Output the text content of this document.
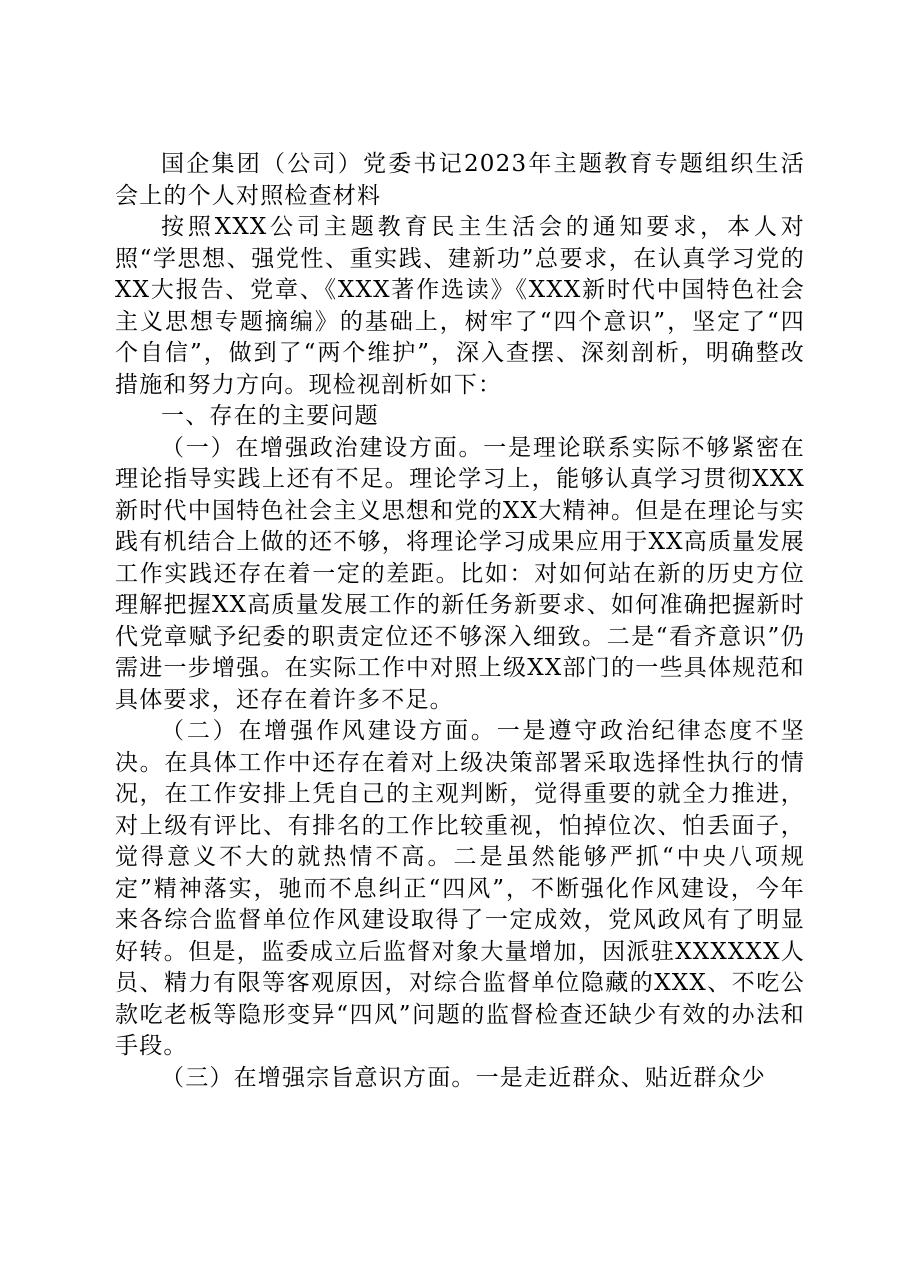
国企集团（公司）党委书记2023年主题教育专题组织生活会上的个人对照检查材料

按照XXX公司主题教育民主生活会的通知要求，本人对照“学思想、强党性、重实践、建新功”总要求，在认真学习党的XX大报告、党章、《XXX著作选读》《XXX新时代中国特色社会主义思想专题摘编》的基础上，树牢了“四个意识”，坚定了“四个自信”，做到了“两个维护”，深入查摆、深刻剖析，明确整改措施和努力方向。现检视剖析如下：

一、存在的主要问题

（一）在增强政治建设方面。一是理论联系实际不够紧密在理论指导实践上还有不足。理论学习上，能够认真学习贯彻XXX新时代中国特色社会主义思想和党的XX大精神。但是在理论与实践有机结合上做的还不够，将理论学习成果应用于XX高质量发展工作实践还存在着一定的差距。比如：对如何站在新的历史方位理解把握XX高质量发展工作的新任务新要求、如何准确把握新时代党章赋予纪委的职责定位还不够深入细致。二是“看齐意识”仍需进一步增强。在实际工作中对照上级XX部门的一些具体规范和具体要求，还存在着许多不足。

（二）在增强作风建设方面。一是遵守政治纪律态度不坚决。在具体工作中还存在着对上级决策部署采取选择性执行的情况，在工作安排上凭自己的主观判断，觉得重要的就全力推进，对上级有评比、有排名的工作比较重视，怕掉位次、怕丢面子，觉得意义不大的就热情不高。二是虽然能够严抓“中央八项规定”精神落实，驰而不息纠正“四风”，不断强化作风建设，今年来各综合监督单位作风建设取得了一定成效，党风政风有了明显好转。但是，监委成立后监督对象大量增加，因派驻XXXXXX人员、精力有限等客观原因，对综合监督单位隐藏的XXX、不吃公款吃老板等隐形变异“四风”问题的监督检查还缺少有效的办法和手段。

（三）在增强宗旨意识方面。一是走近群众、贴近群众少
